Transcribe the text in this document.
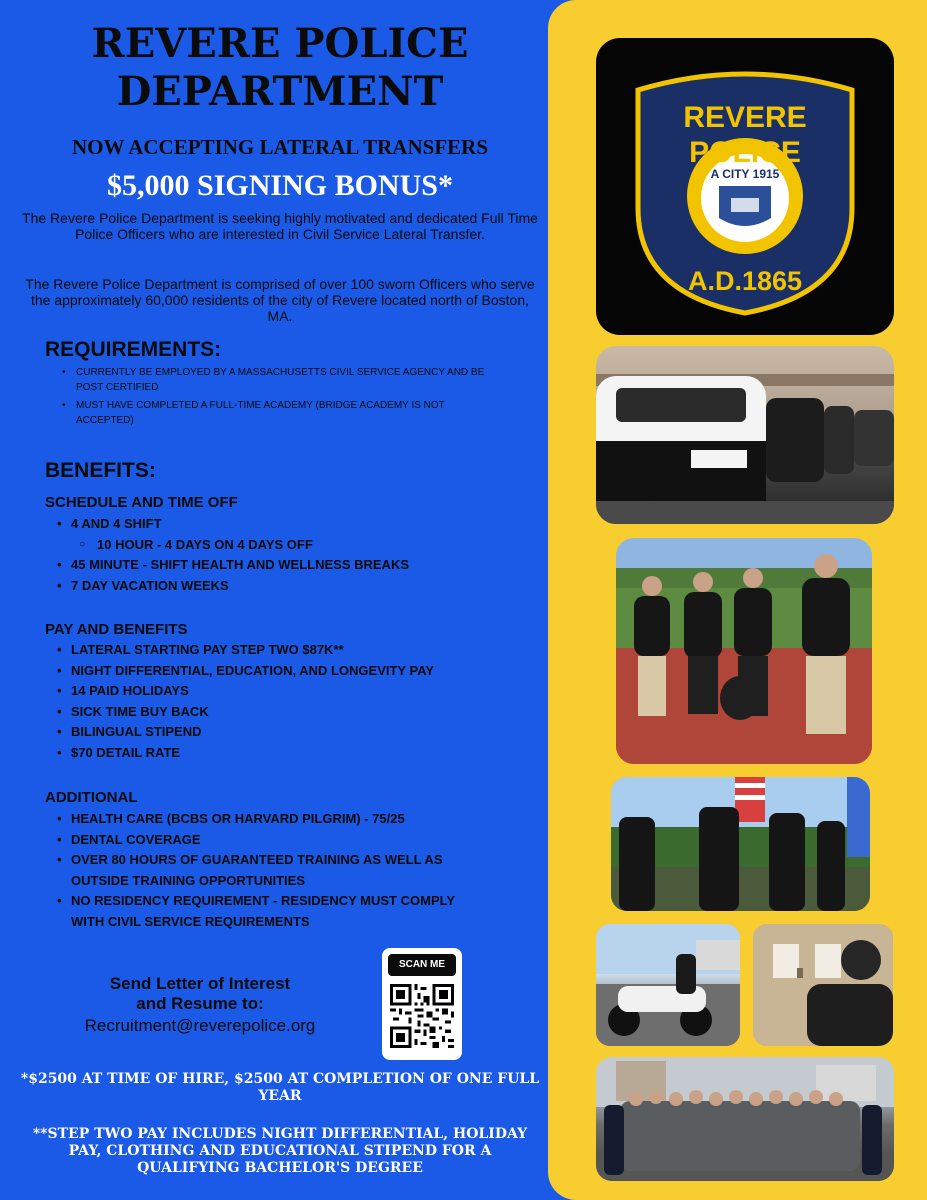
REVERE POLICE
DEPARTMENT
NOW ACCEPTING LATERAL TRANSFERS
$5,000 SIGNING BONUS*
The Revere Police Department is seeking highly motivated and dedicated Full Time Police Officers who are interested in Civil Service Lateral Transfer.
The Revere Police Department is comprised of over 100 sworn Officers who serve the approximately 60,000 residents of the city of Revere located north of Boston, MA.
REQUIREMENTS:
• CURRENTLY BE EMPLOYED BY A MASSACHUSETTS CIVIL SERVICE AGENCY AND BE POST CERTIFIED
• MUST HAVE COMPLETED A FULL-TIME ACADEMY (BRIDGE ACADEMY IS NOT ACCEPTED)
BENEFITS:
SCHEDULE AND TIME OFF
• 4 AND 4 SHIFT
○ 10 HOUR - 4 DAYS ON 4 DAYS OFF
• 45 MINUTE - SHIFT HEALTH AND WELLNESS BREAKS
• 7 DAY VACATION WEEKS
PAY AND BENEFITS
• LATERAL STARTING PAY STEP TWO $87K**
• NIGHT DIFFERENTIAL, EDUCATION, AND LONGEVITY PAY
• 14 PAID HOLIDAYS
• SICK TIME BUY BACK
• BILINGUAL STIPEND
• $70 DETAIL RATE
ADDITIONAL
• HEALTH CARE (BCBS OR HARVARD PILGRIM) - 75/25
• DENTAL COVERAGE
• OVER 80 HOURS OF GUARANTEED TRAINING AS WELL AS OUTSIDE TRAINING OPPORTUNITIES
• NO RESIDENCY REQUIREMENT - RESIDENCY MUST COMPLY WITH CIVIL SERVICE REQUIREMENTS
Send Letter of Interest
and Resume to:
Recruitment@reverepolice.org
SCAN ME
*$2500 AT TIME OF HIRE, $2500 AT COMPLETION OF ONE FULL YEAR
**STEP TWO PAY INCLUDES NIGHT DIFFERENTIAL, HOLIDAY PAY, CLOTHING AND EDUCATIONAL STIPEND FOR A QUALIFYING BACHELOR'S DEGREE
REVERE
POLICE
A CITY 1915
A.D.1865
